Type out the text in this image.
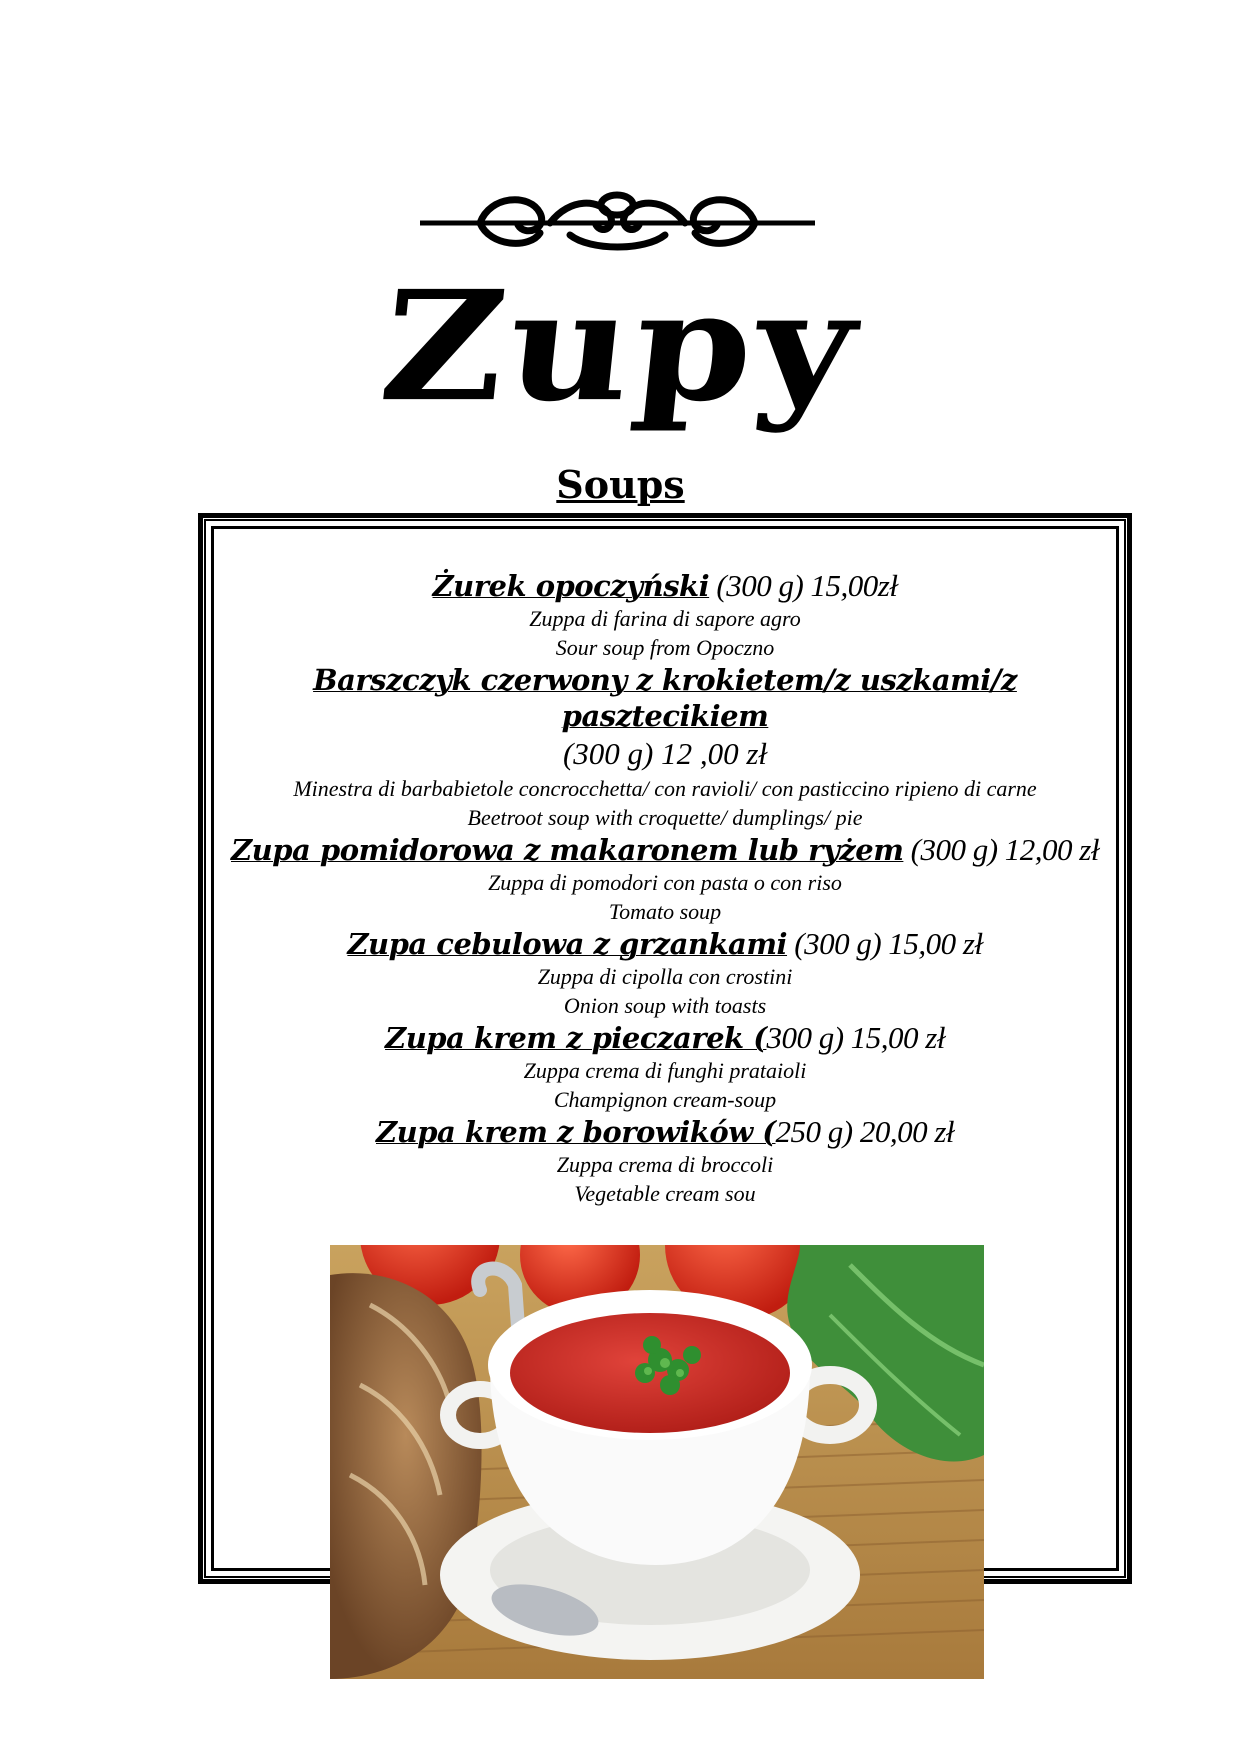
Zupy
Soups
Żurek opoczyński (300 g) 15,00zł
Zuppa di farina di sapore agro
Sour soup from Opoczno
Barszczyk czerwony z krokietem/z uszkami/z pasztecikiem
(300 g) 12 ,00 zł
Minestra di barbabietole concrocchetta/ con ravioli/ con pasticcino ripieno di carne
Beetroot soup with croquette/ dumplings/ pie
Zupa pomidorowa z makaronem lub ryżem (300 g) 12,00 zł
Zuppa di pomodori con pasta o con riso
Tomato soup
Zupa cebulowa z grzankami (300 g) 15,00 zł
Zuppa di cipolla con crostini
Onion soup with toasts
Zupa krem z pieczarek (300 g) 15,00 zł
Zuppa crema di funghi prataioli
Champignon cream-soup
Zupa krem z borowików (250 g) 20,00 zł
Zuppa crema di broccoli
Vegetable cream sou
